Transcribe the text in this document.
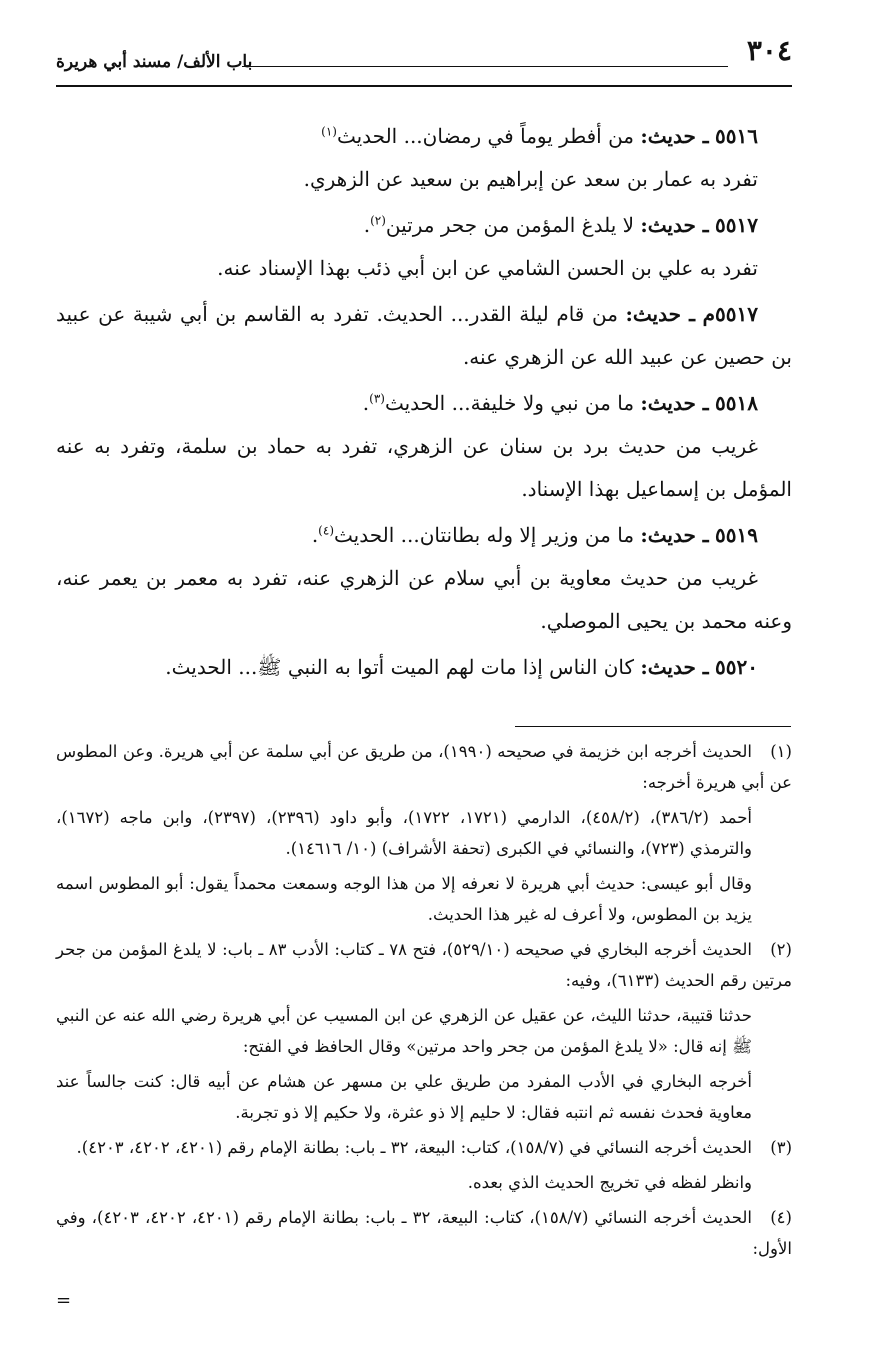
٣٠٤
باب الألف/ مسند أبي هريرة

٥٥١٦ ـ حديث: من أفطر يوماً في رمضان... الحديث$^{(١)}$

تفرد به عمار بن سعد عن إبراهيم بن سعيد عن الزهري.

٥٥١٧ ـ حديث: لا يلدغ المؤمن من جحر مرتين$^{(٢)}$.

تفرد به علي بن الحسن الشامي عن ابن أبي ذئب بهذا الإسناد عنه.

٥٥١٧م ـ حديث: من قام ليلة القدر... الحديث. تفرد به القاسم بن أبي شيبة عن عبيد بن حصين عن عبيد الله عن الزهري عنه.

٥٥١٨ ـ حديث: ما من نبي ولا خليفة... الحديث$^{(٣)}$.

غريب من حديث برد بن سنان عن الزهري، تفرد به حماد بن سلمة، وتفرد به عنه المؤمل بن إسماعيل بهذا الإسناد.

٥٥١٩ ـ حديث: ما من وزير إلا وله بطانتان... الحديث$^{(٤)}$.

غريب من حديث معاوية بن أبي سلام عن الزهري عنه، تفرد به معمر بن يعمر عنه، وعنه محمد بن يحيى الموصلي.

٥٥٢٠ ـ حديث: كان الناس إذا مات لهم الميت أتوا به النبي ﷺ... الحديث.

(١)الحديث أخرجه ابن خزيمة في صحيحه (١٩٩٠)، من طريق عن أبي سلمة عن أبي هريرة. وعن المطوس عن أبي هريرة أخرجه:

أحمد (٣٨٦/٢)، (٤٥٨/٢)، الدارمي (١٧٢١، ١٧٢٢)، وأبو داود (٢٣٩٦)، (٢٣٩٧)، وابن ماجه (١٦٧٢)، والترمذي (٧٢٣)، والنسائي في الكبرى (تحفة الأشراف) (١٠/ ١٤٦١٦).

وقال أبو عيسى: حديث أبي هريرة لا نعرفه إلا من هذا الوجه وسمعت محمداً يقول: أبو المطوس اسمه يزيد بن المطوس، ولا أعرف له غير هذا الحديث.

(٢)الحديث أخرجه البخاري في صحيحه (٥٢٩/١٠)، فتح ٧٨ ـ كتاب: الأدب ٨٣ ـ باب: لا يلدغ المؤمن من جحر مرتين رقم الحديث (٦١٣٣)، وفيه:

حدثنا قتيبة، حدثنا الليث، عن عقيل عن الزهري عن ابن المسيب عن أبي هريرة رضي الله عنه عن النبي ﷺ إنه قال: «لا يلدغ المؤمن من جحر واحد مرتين» وقال الحافظ في الفتح:

أخرجه البخاري في الأدب المفرد من طريق علي بن مسهر عن هشام عن أبيه قال: كنت جالساً عند معاوية فحدث نفسه ثم انتبه فقال: لا حليم إلا ذو عثرة، ولا حكيم إلا ذو تجربة.

(٣)الحديث أخرجه النسائي في (١٥٨/٧)، كتاب: البيعة، ٣٢ ـ باب: بطانة الإمام رقم (٤٢٠١، ٤٢٠٢، ٤٢٠٣).

وانظر لفظه في تخريج الحديث الذي بعده.

(٤)الحديث أخرجه النسائي (١٥٨/٧)، كتاب: البيعة، ٣٢ ـ باب: بطانة الإمام رقم (٤٢٠١، ٤٢٠٢، ٤٢٠٣)، وفي الأول:

=
